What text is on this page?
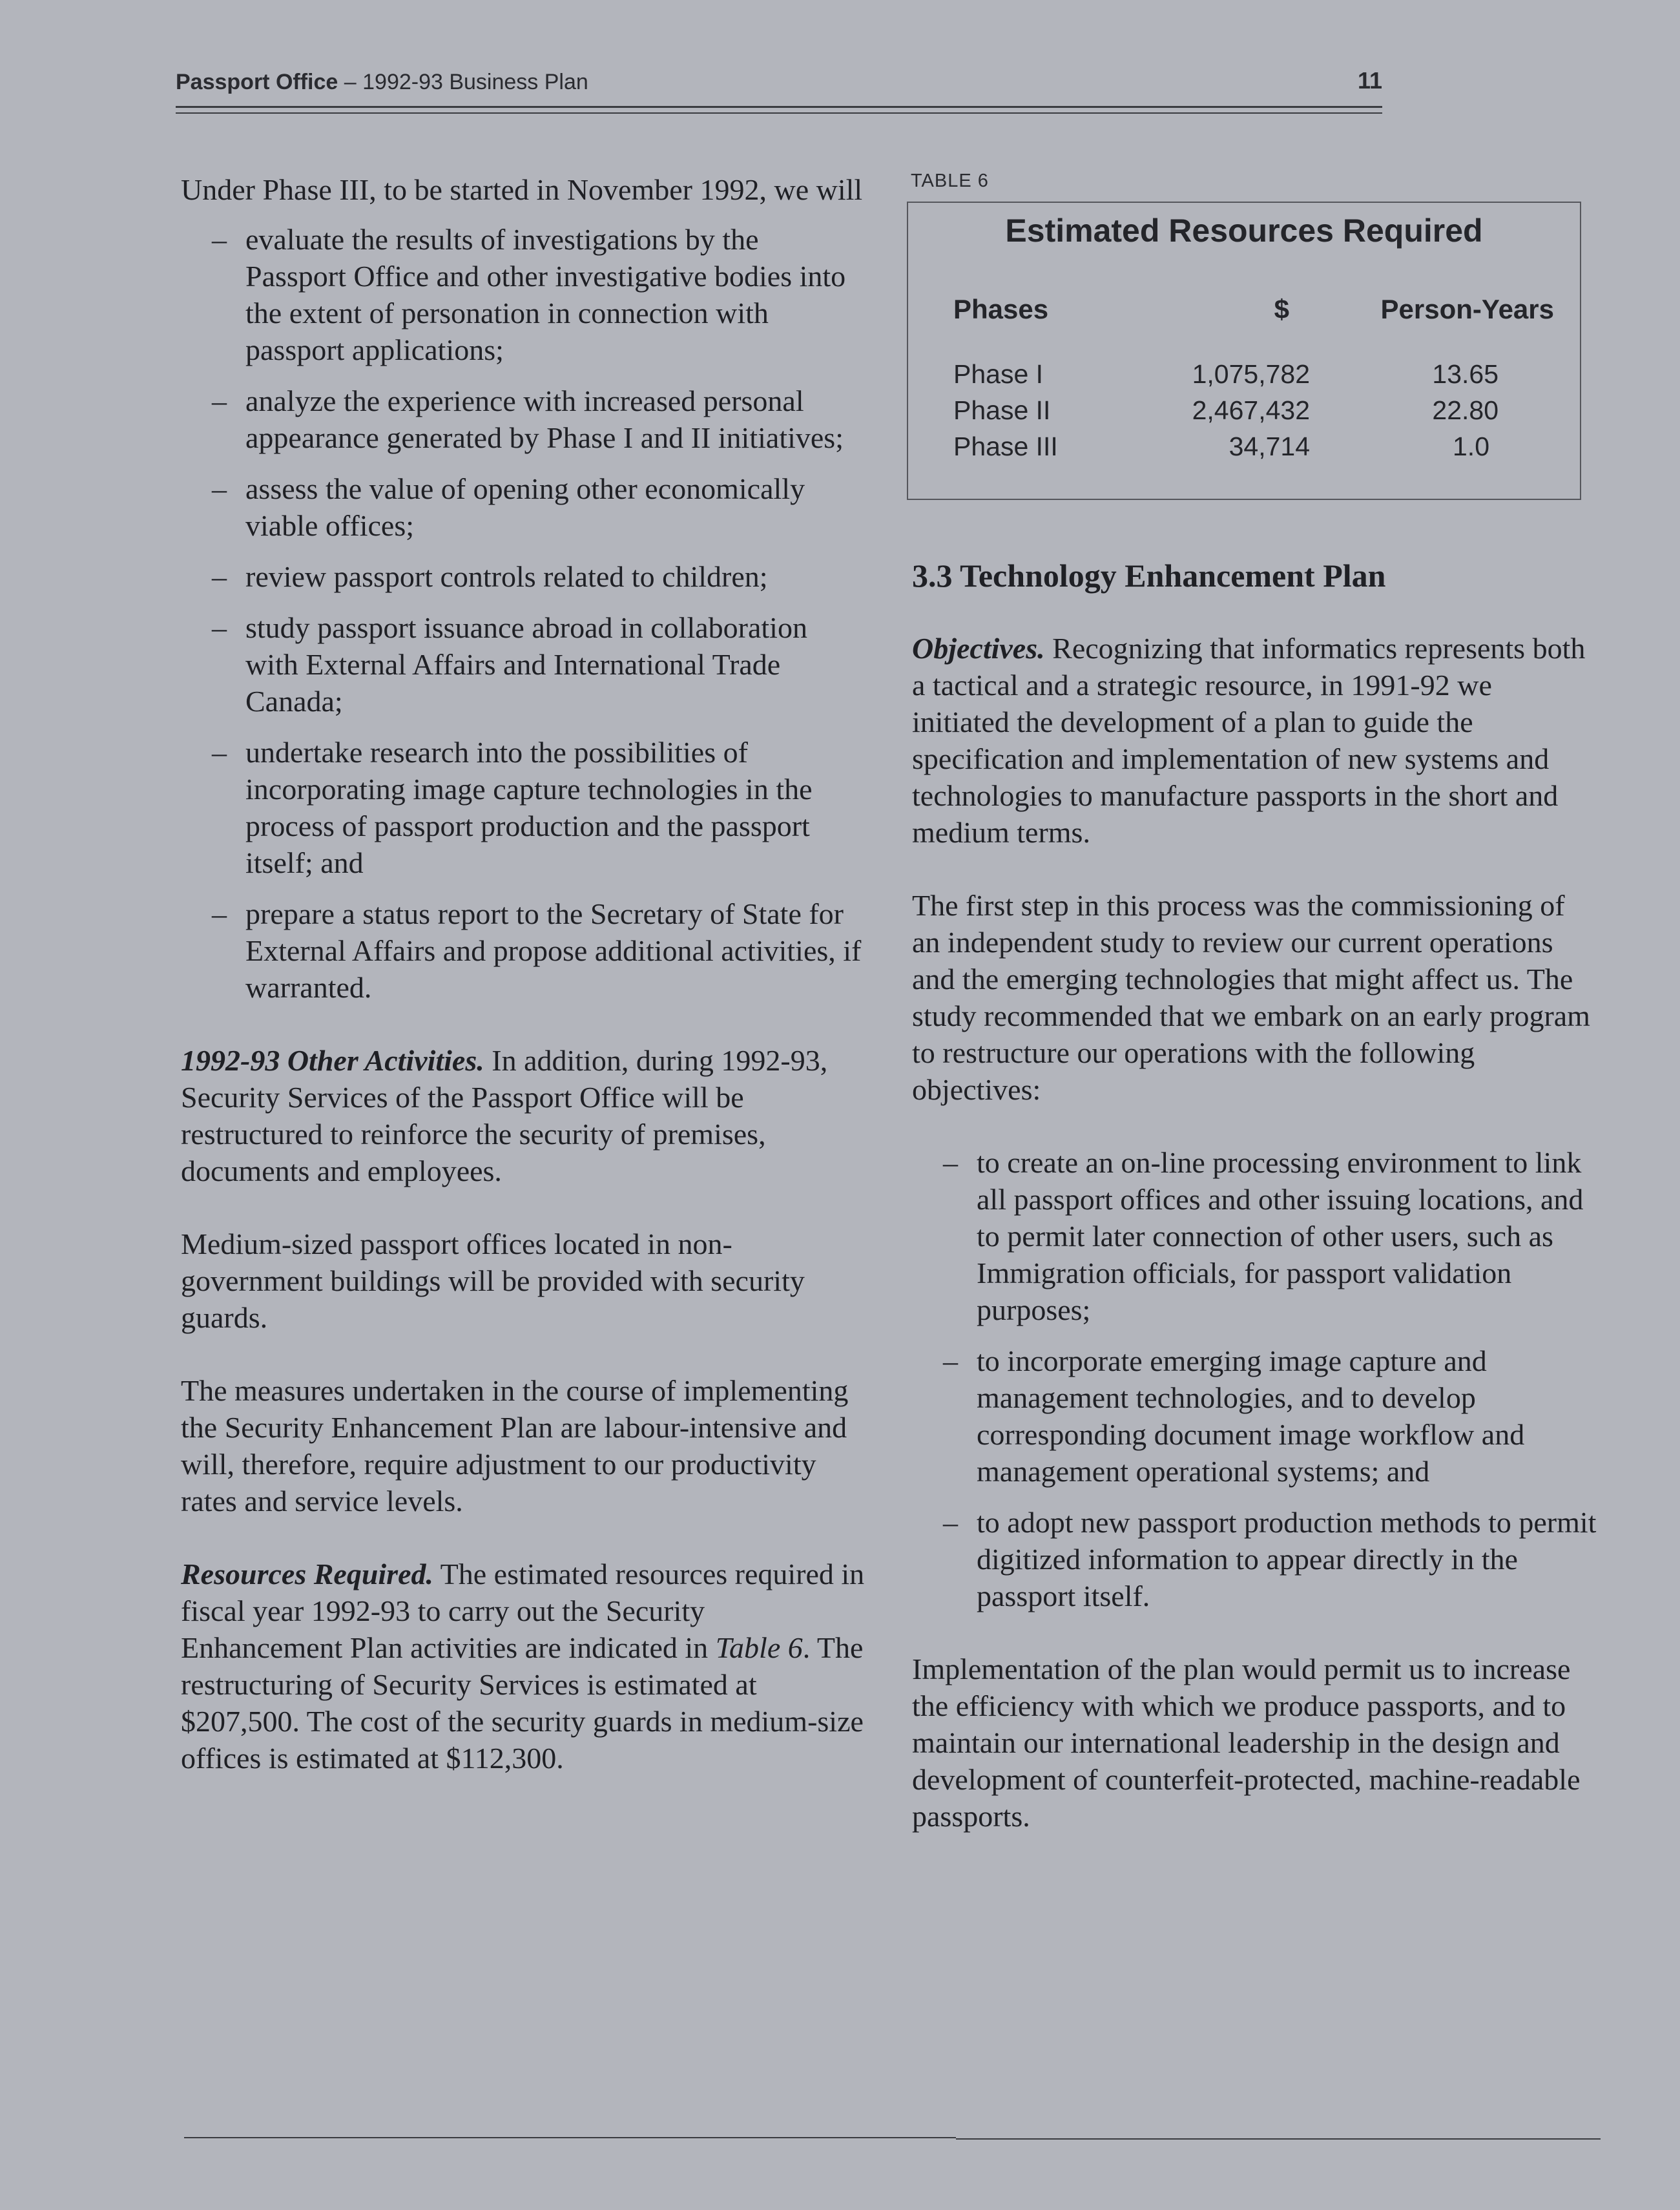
Passport Office – 1992-93 Business Plan	11

Under Phase III, to be started in November 1992, we will

– evaluate the results of investigations by the Passport Office and other investigative bodies into the extent of personation in connection with passport applications;
– analyze the experience with increased personal appearance generated by Phase I and II initiatives;
– assess the value of opening other economically viable offices;
– review passport controls related to children;
– study passport issuance abroad in collaboration with External Affairs and International Trade Canada;
– undertake research into the possibilities of incorporating image capture technologies in the process of passport production and the passport itself; and
– prepare a status report to the Secretary of State for External Affairs and propose additional activities, if warranted.

1992-93 Other Activities. In addition, during 1992-93, Security Services of the Passport Office will be restructured to reinforce the security of premises, documents and employees.

Medium-sized passport offices located in non-government buildings will be provided with security guards.

The measures undertaken in the course of implementing the Security Enhancement Plan are labour-intensive and will, therefore, require adjustment to our productivity rates and service levels.

Resources Required. The estimated resources required in fiscal year 1992-93 to carry out the Security Enhancement Plan activities are indicated in Table 6. The restructuring of Security Services is estimated at $207,500. The cost of the security guards in medium-size offices is estimated at $112,300.

TABLE 6
Estimated Resources Required
Phases	$	Person-Years
Phase I	1,075,782	13.65
Phase II	2,467,432	22.80
Phase III	34,714	1.0
3.3 Technology Enhancement Plan

Objectives. Recognizing that informatics represents both a tactical and a strategic resource, in 1991-92 we initiated the development of a plan to guide the specification and implementation of new systems and technologies to manufacture passports in the short and medium terms.

The first step in this process was the commissioning of an independent study to review our current operations and the emerging technologies that might affect us. The study recommended that we embark on an early program to restructure our operations with the following objectives:

– to create an on-line processing environment to link all passport offices and other issuing locations, and to permit later connection of other users, such as Immigration officials, for passport validation purposes;
– to incorporate emerging image capture and management technologies, and to develop corresponding document image workflow and management operational systems; and
– to adopt new passport production methods to permit digitized information to appear directly in the passport itself.

Implementation of the plan would permit us to increase the efficiency with which we produce passports, and to maintain our international leadership in the design and development of counterfeit-protected, machine-readable passports.
